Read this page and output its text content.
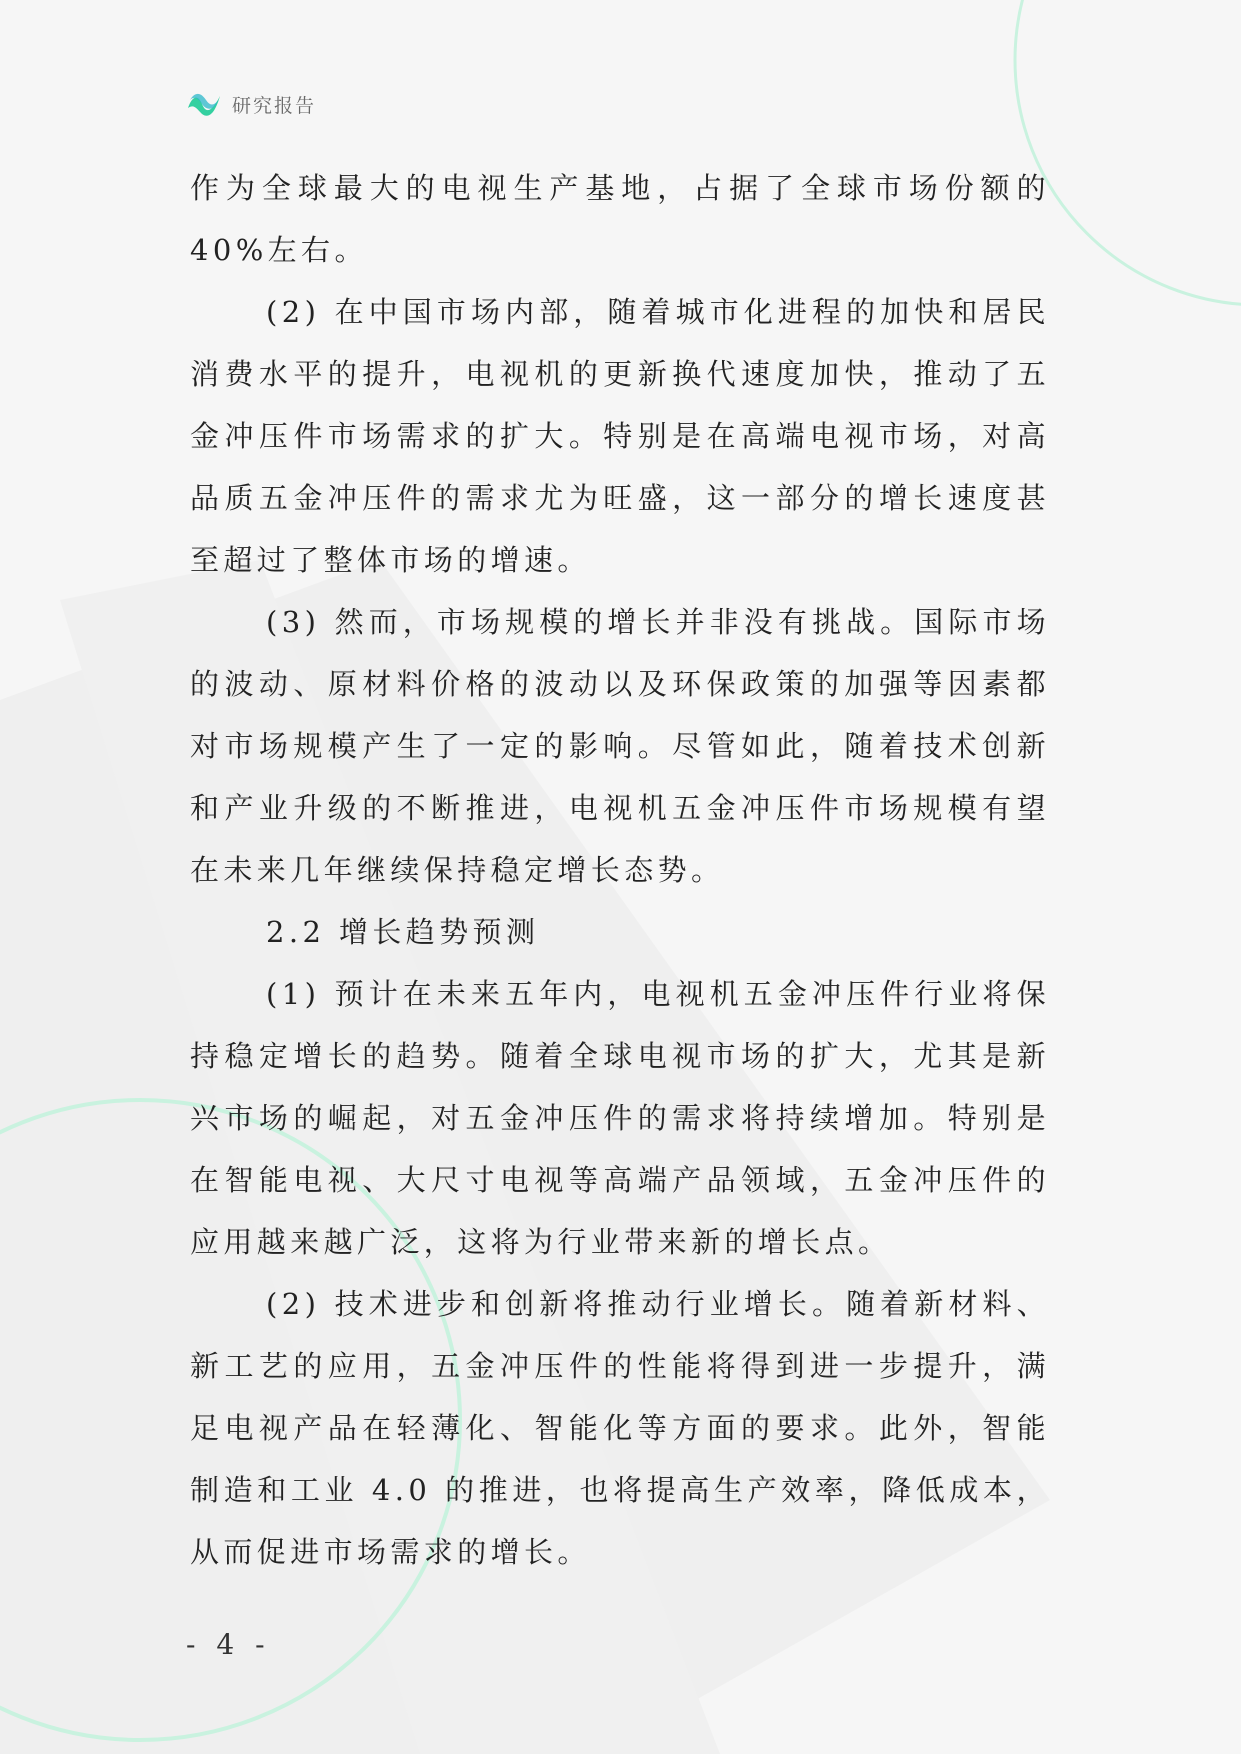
研究报告

作为全球最大的电视生产基地，占据了全球市场份额的 40%左右。

(2) 在中国市场内部，随着城市化进程的加快和居民消费水平的提升，电视机的更新换代速度加快，推动了五金冲压件市场需求的扩大。特别是在高端电视市场，对高品质五金冲压件的需求尤为旺盛，这一部分的增长速度甚至超过了整体市场的增速。

(3) 然而，市场规模的增长并非没有挑战。国际市场的波动、原材料价格的波动以及环保政策的加强等因素都对市场规模产生了一定的影响。尽管如此，随着技术创新和产业升级的不断推进，电视机五金冲压件市场规模有望在未来几年继续保持稳定增长态势。

2.2 增长趋势预测

(1) 预计在未来五年内，电视机五金冲压件行业将保持稳定增长的趋势。随着全球电视市场的扩大，尤其是新兴市场的崛起，对五金冲压件的需求将持续增加。特别是在智能电视、大尺寸电视等高端产品领域，五金冲压件的应用越来越广泛，这将为行业带来新的增长点。

(2) 技术进步和创新将推动行业增长。随着新材料、新工艺的应用，五金冲压件的性能将得到进一步提升，满足电视产品在轻薄化、智能化等方面的要求。此外，智能制造和工业 4.0 的推进，也将提高生产效率，降低成本，从而促进市场需求的增长。

- 4 -
